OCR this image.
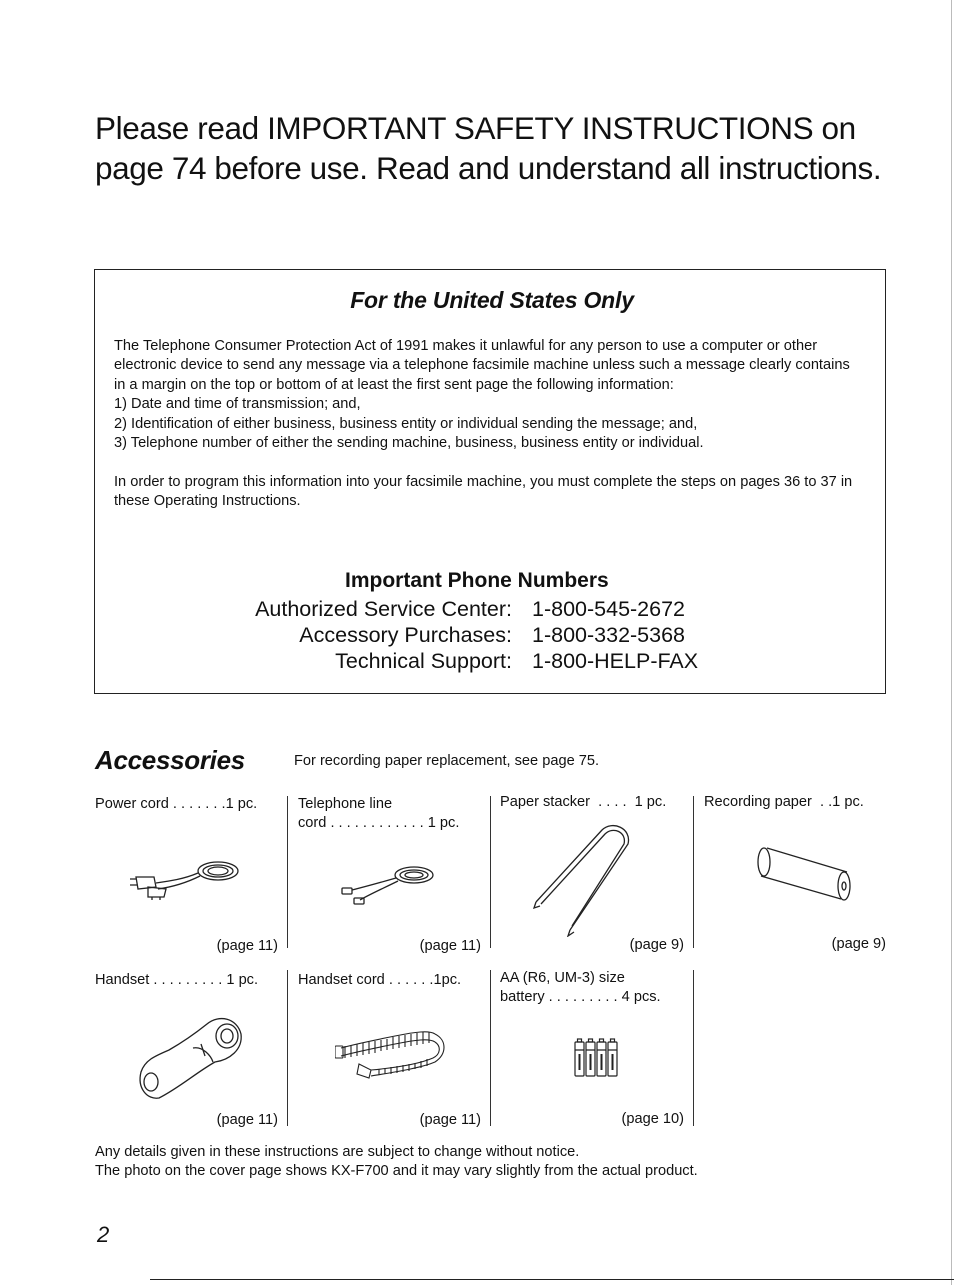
Please read IMPORTANT SAFETY INSTRUCTIONS on
page 74 before use. Read and understand all instructions.
For the United States Only

The Telephone Consumer Protection Act of 1991 makes it unlawful for any person to use a computer or other electronic device to send any message via a telephone facsimile machine unless such a message clearly contains in a margin on the top or bottom of at least the first sent page the following information:

1) Date and time of transmission; and,
2) Identification of either business, business entity or individual sending the message; and,
3) Telephone number of either the sending machine, business, business entity or individual.

In order to program this information into your facsimile machine, you must complete the steps on pages 36 to 37 in these Operating Instructions.

Important Phone Numbers
Authorized Service Center: 1-800-545-2672
Accessory Purchases: 1-800-332-5368
Technical Support: 1-800-HELP-FAX
Accessories	For recording paper replacement, see page 75.
Power cord . . . . . . .1 pc.
(page 11)
Telephone line
cord . . . . . . . . . . . . 1 pc.
(page 11)
Paper stacker  . . . .  1 pc.
(page 9)
Recording paper  . .1 pc.
(page 9)
Handset . . . . . . . . . 1 pc.
(page 11)
Handset cord . . . . . .1pc.
(page 11)
AA (R6, UM-3) size
battery . . . . . . . . . 4 pcs.
(page 10)

Any details given in these instructions are subject to change without notice.

The photo on the cover page shows KX-F700 and it may vary slightly from the actual product.

2
